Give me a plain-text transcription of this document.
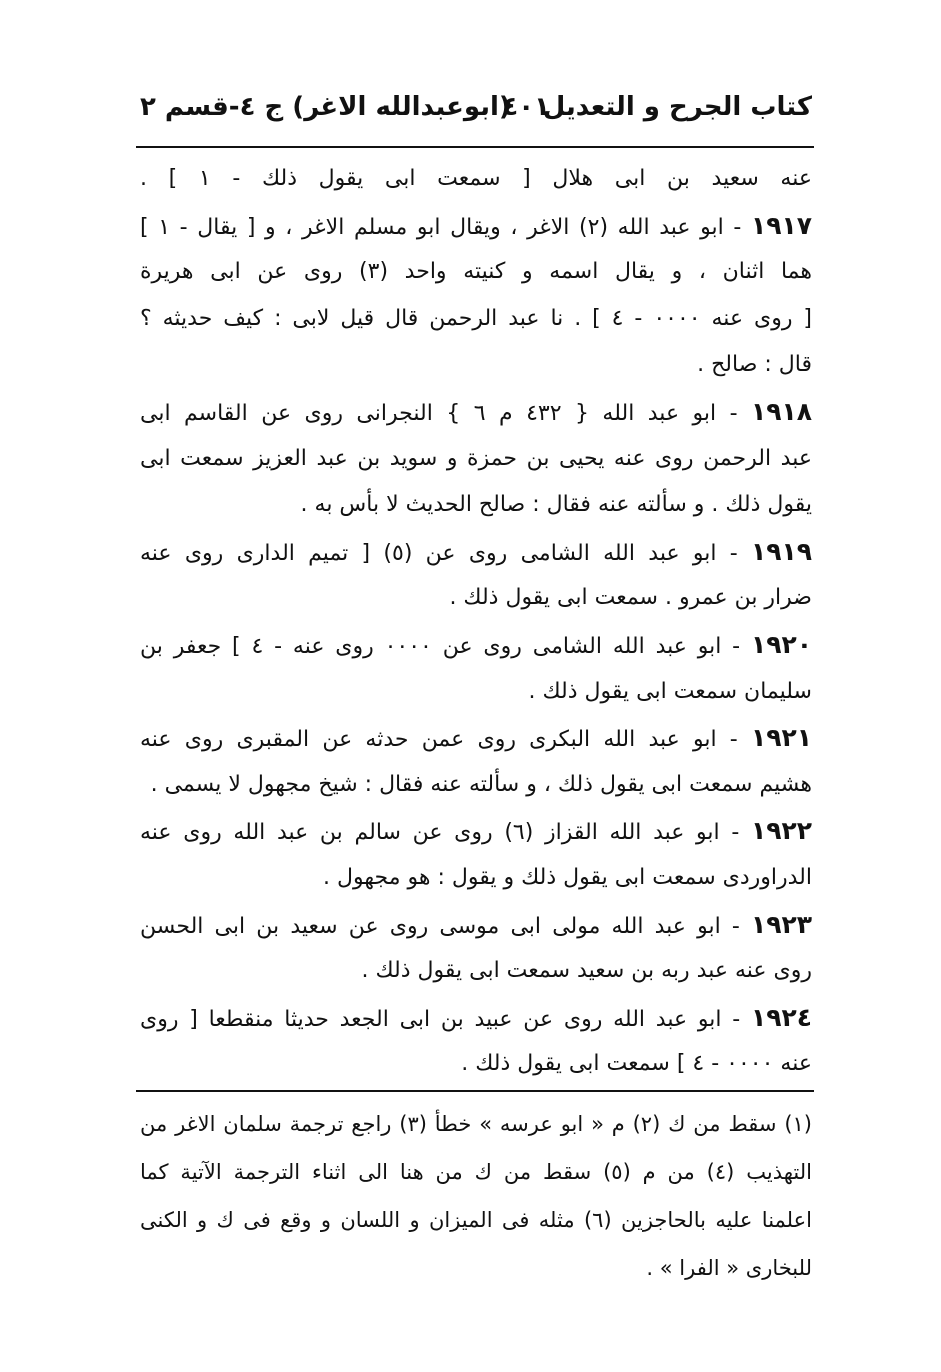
كتاب الجرح و التعديل
٤٠١
(ابوعبدالله الاغر) ج ٤-قسم ٢
عنه سعيد بن ابى هلال [ سمعت ابى يقول ذلك - ١ ] .
١٩١٧ - ابو عبد الله (٢) الاغر ، ويقال ابو مسلم الاغر ، و [ يقال - ١ ]
هما اثنان ، و يقال اسمه و كنيته واحد (٣) روى عن ابى هريرة
[ روى عنه ٠٠٠٠ - ٤ ] . نا عبد الرحمن قال قيل لابى : كيف حديثه ؟
قال : صالح .
١٩١٨ - ابو عبد الله { ٤٣٢ م ٦ } النجرانى روى عن القاسم ابى
عبد الرحمن روى عنه يحيى بن حمزة و سويد بن عبد العزيز سمعت ابى
يقول ذلك . و سألته عنه فقال : صالح الحديث لا بأس به .
١٩١٩ - ابو عبد الله الشامى روى عن (٥) [ تميم الدارى روى عنه
ضرار بن عمرو . سمعت ابى يقول ذلك .
١٩٢٠ - ابو عبد الله الشامى روى عن ٠٠٠٠ روى عنه - ٤ ] جعفر بن
سليمان سمعت ابى يقول ذلك .
١٩٢١ - ابو عبد الله البكرى روى عمن حدثه عن المقبرى روى عنه
هشيم سمعت ابى يقول ذلك ، و سألته عنه فقال : شيخ مجهول لا يسمى .
١٩٢٢ - ابو عبد الله القزاز (٦) روى عن سالم بن عبد الله روى عنه
الدراوردى سمعت ابى يقول ذلك و يقول : هو مجهول .
١٩٢٣ - ابو عبد الله مولى ابى موسى روى عن سعيد بن ابى الحسن
روى عنه عبد ربه بن سعيد سمعت ابى يقول ذلك .
١٩٢٤ - ابو عبد الله روى عن عبيد بن ابى الجعد حديثا منقطعا [ روى
عنه ٠٠٠٠ - ٤ ] سمعت ابى يقول ذلك .
(١) سقط من ك (٢) م « ابو عرسه » خطأ (٣) راجع ترجمة سلمان الاغر من
التهذيب (٤) من م (٥) سقط من ك من هنا الى اثناء الترجمة الآتية كما
اعلمنا عليه بالحاجزين (٦) مثله فى الميزان و اللسان و وقع فى ك و الكنى
للبخارى « الفرا » .
